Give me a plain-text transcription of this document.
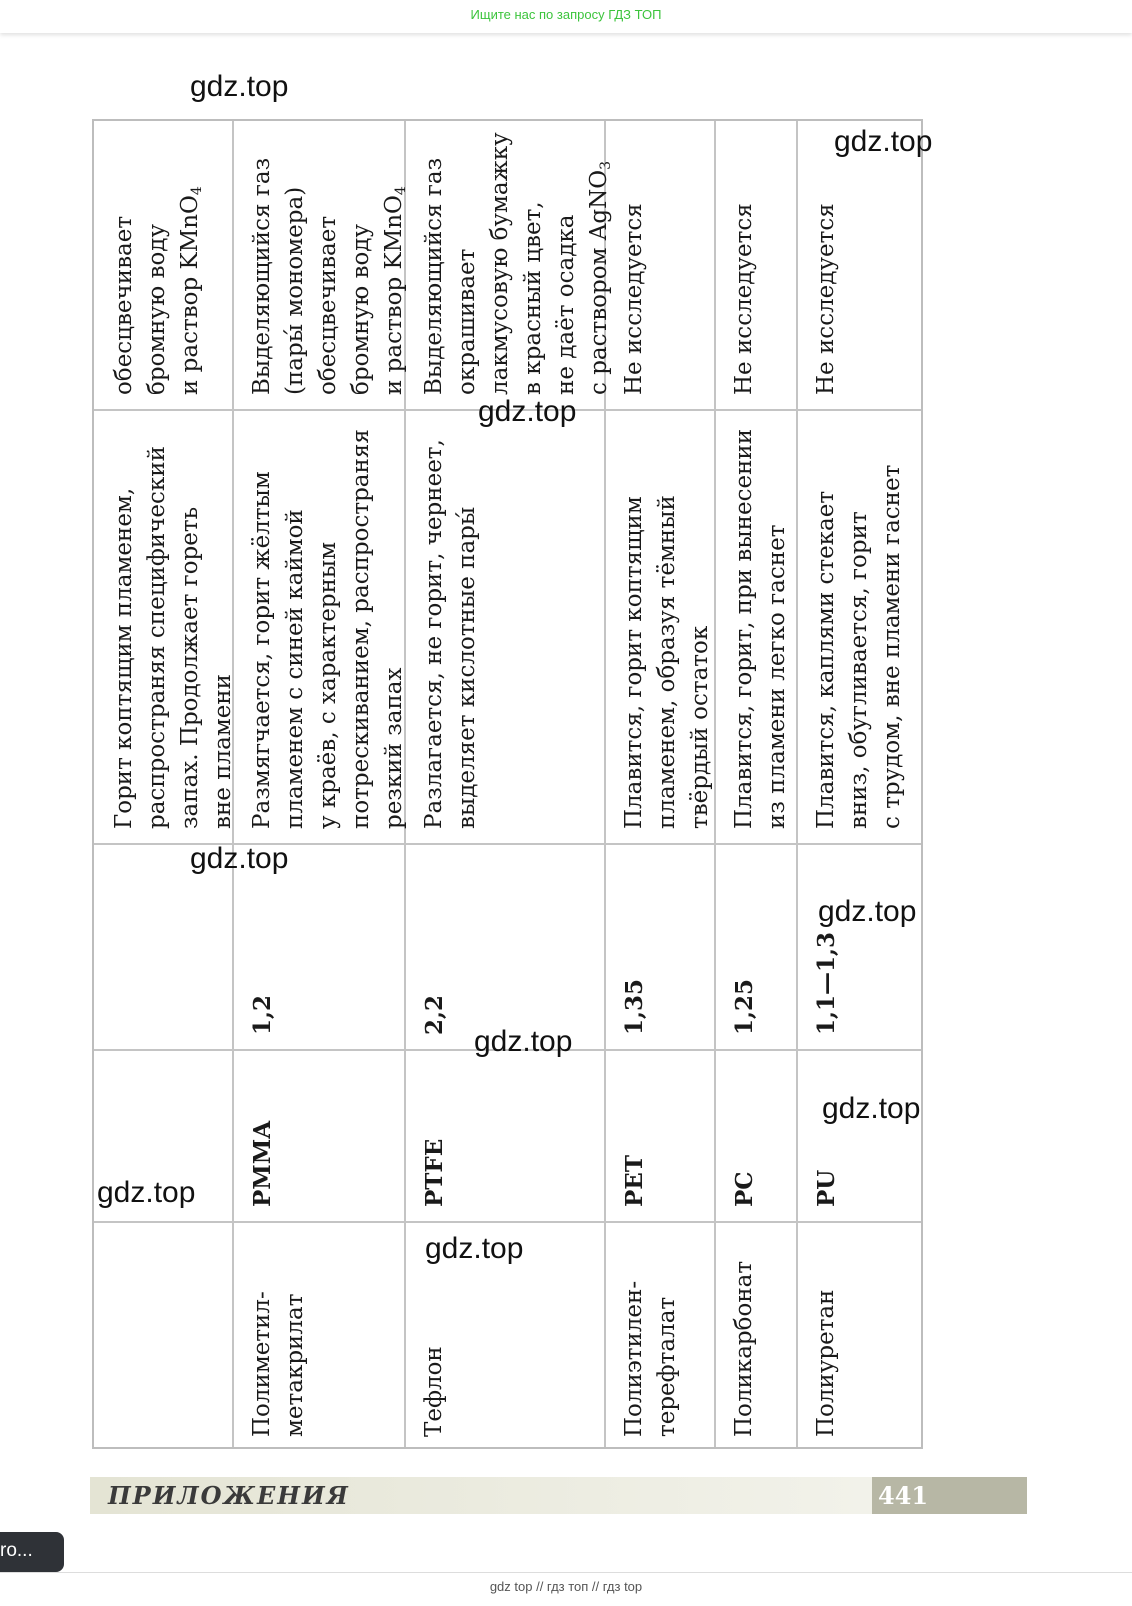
Ищите нас по запросу ГДЗ ТОП
Горит коптящим пламенем, распространяя специфический запах. Продолжает гореть вне пламени
обесцвечивает бромную воду и раствор KMnO$_4$
Полиметил- метакрилат
PMMA
1,2
Размягчается, горит жёлтым пламенем с синей каймой у краёв, с характерным потрескиванием, распространяя резкий запах
Выделяющийся газ (пары́ мономера) обесцвечивает бромную воду и раствор KMnO$_4$
Тефлон
PTFE
2,2
Разлагается, не горит, чернеет, выделяет кислотные пары́
Выделяющийся газ окрашивает лакмусовую бумажку в красный цвет, не даёт осадка с раствором AgNO$_3$
Полиэтилен- терефталат
PET
1,35
Плавится, горит коптящим пламенем, образуя тёмный твёрдый остаток
Не исследуется
Поликарбонат
PC
1,25
Плавится, горит, при вынесении из пламени легко гаснет
Не исследуется
Полиуретан
PU
1,1—1,3
Плавится, каплями стекает вниз, обугливается, горит с трудом, вне пламени гаснет
Не исследуется
ПРИЛОЖЕНИЯ	441
ro...
gdz top // гдз топ // гдз top
gdz.top
gdz.top
gdz.top
gdz.top
gdz.top
gdz.top
gdz.top
gdz.top
gdz.top
